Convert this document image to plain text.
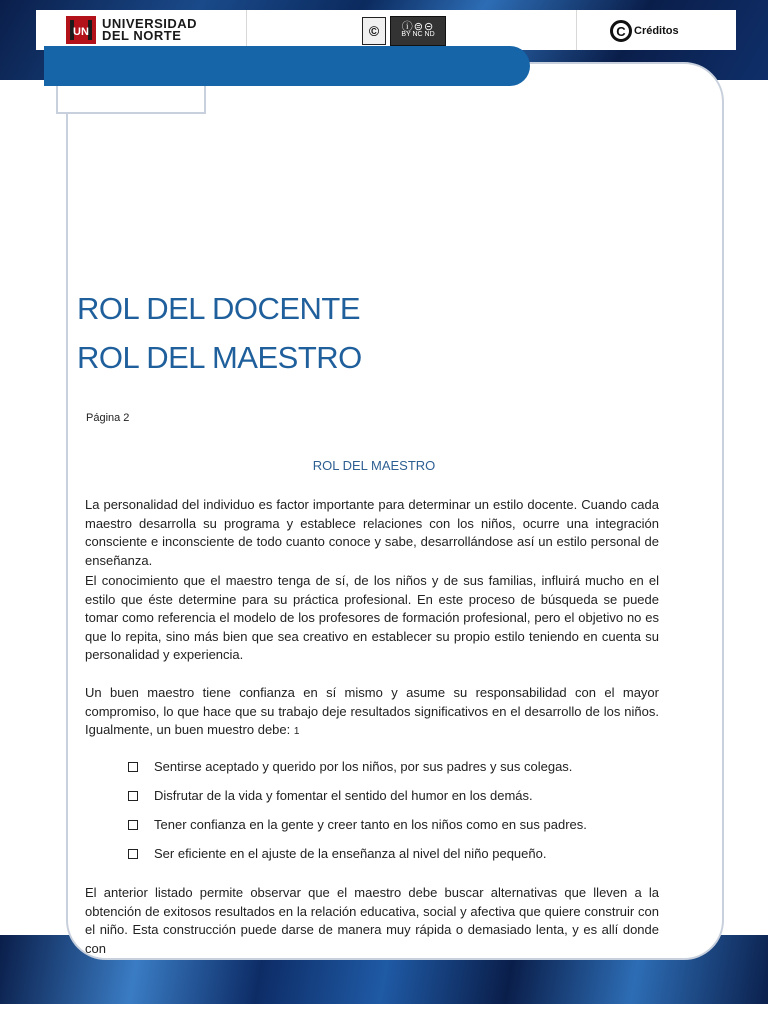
UN
UNIVERSIDAD
DEL NORTE	©	ⓘ⊜⊝
BY NC ND	C Créditos
ROL DEL DOCENTE
ROL DEL MAESTRO
Página 2
ROL DEL MAESTRO

La personalidad del individuo es factor importante para determinar un estilo docente. Cuando cada maestro desarrolla su programa y establece relaciones con los niños, ocurre una integración consciente e inconsciente de todo cuanto conoce y sabe, desarrollándose así un estilo personal de enseñanza.

El conocimiento que el maestro tenga de sí, de los niños y de sus familias, influirá mucho en el estilo que éste determine para su práctica profesional. En este proceso de búsqueda se puede tomar como referencia el modelo de los profesores de formación profesional, pero el objetivo no es que lo repita, sino más bien que sea creativo en establecer su propio estilo teniendo en cuenta su personalidad y experiencia.

Un buen maestro tiene confianza en sí mismo y asume su responsabilidad con el mayor compromiso, lo que hace que su trabajo deje resultados significativos en el desarrollo de los niños. Igualmente, un buen muestro debe: 1

Sentirse aceptado y querido por los niños, por sus padres y sus colegas.
Disfrutar de la vida y fomentar el sentido del humor en los demás.
Tener confianza en la gente y creer tanto en los niños como en sus padres.
Ser eficiente en el ajuste de la enseñanza al nivel del niño pequeño.

El anterior listado permite observar que el maestro debe buscar alternativas que lleven a la obtención de exitosos resultados en la relación educativa, social y afectiva que quiere construir con el niño. Esta construcción puede darse de manera muy rápida o demasiado lenta, y es allí donde con
